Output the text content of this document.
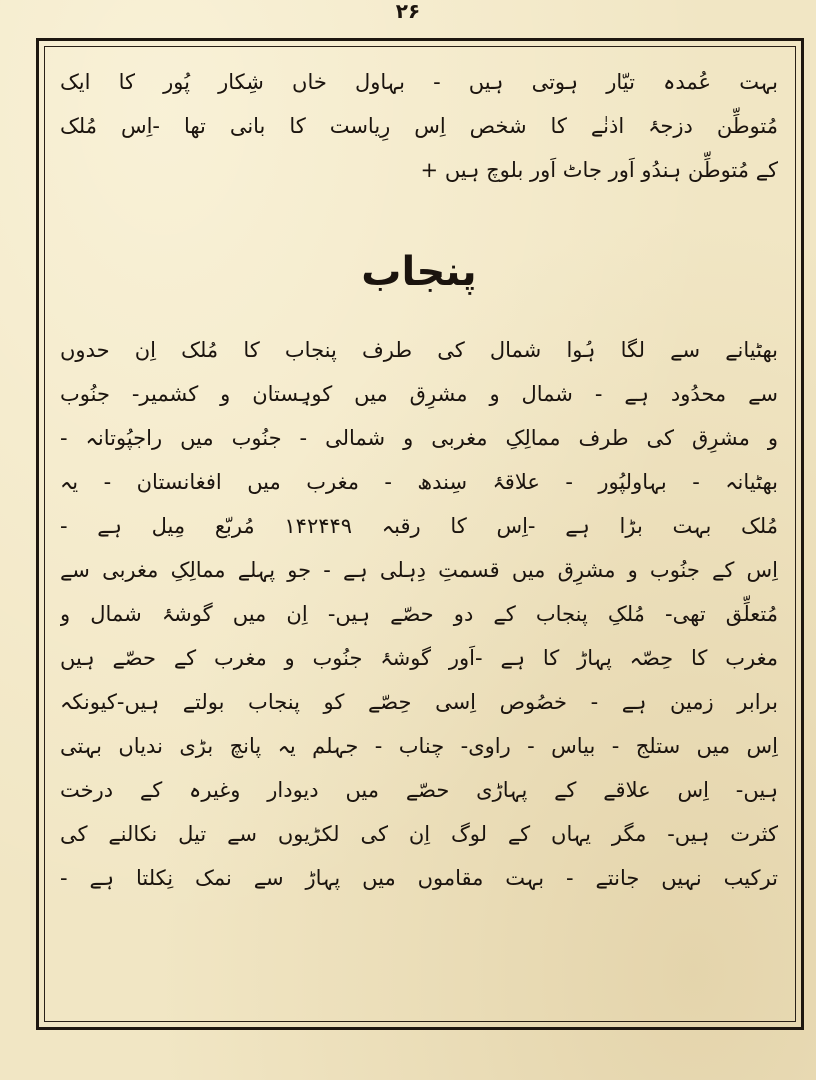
۲۶
بہت عُمدہ تیّار ہوتی ہیں - بہاول خاں شِکار پُور کا ایک
مُتوطِّن دزجۂ اذنٰے کا شخص اِس رِیاست کا بانی تھا -اِس مُلک
کے مُتوطِّن ہندُو اَور جاٹ اَور بلوچ ہیں +
پنجاب
بھٹیانے سے لگا ہُوا شمال کی طرف پنجاب کا مُلک اِن حدوں
سے محدُود ہے - شمال و مشرِق میں کوہِستان و کشمیر- جنُوب
و مشرِق کی طرف ممالِکِ مغربی و شمالی - جنُوب میں راجپُوتانہ -
بھٹیانہ - بہاولپُور - علاقۂ سِندھ - مغرب میں افغانستان - یہ
مُلک بہت بڑا ہے -اِس کا رقبہ ۱۴۲۴۴۹ مُربّع مِیل ہے -
اِس کے جنُوب و مشرِق میں قسمتِ دِہلی ہے - جو پہلے ممالِکِ مغربی سے
مُتعلِّق تھی- مُلکِ پنجاب کے دو حصّے ہیں- اِن میں گوشۂ شمال و
مغرب کا حِصّہ پہاڑ کا ہے -اَور گوشۂ جنُوب و مغرب کے حصّے ہیں
برابر زمین ہے - خصُوص اِسی حِصّے کو پنجاب بولتے ہیں-کیونکہ
اِس میں ستلج - بیاس - راوی- چناب - جہلم یہ پانچ بڑی ندیاں بہتی
ہیں- اِس علاقے کے پہاڑی حصّے میں دیودار وغیرہ کے درخت
کثرت ہیں- مگر یہاں کے لوگ اِن کی لکڑیوں سے تیل نکالنے کی
ترکیب نہیں جانتے - بہت مقاموں میں پہاڑ سے نمک نِکلتا ہے -
